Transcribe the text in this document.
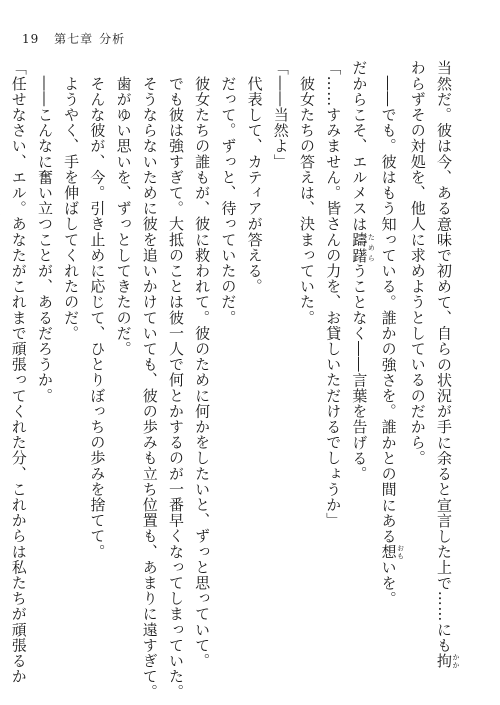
19 第七章 分析
当然だ。彼は今、ある意味で初めて、自らの状況が手に余ると宣言した上で……にも拘 かか
わらずその対処を、他人に求めようとしているのだから。
　――でも。彼はもう知っている。誰かの強さを。誰かとの間にある想 おもいを。
だからこそ、エルメスは躊躇 ためらうことなく――言葉を告げる。
「……すみません。皆さんの力を、お貸しいただけるでしょうか」
　彼女たちの答えは、決まっていた。
「――当然よ」
　代表して、カティアが答える。
　だって。ずっと、待っていたのだ。
　彼女たちの誰もが、彼に救われて。彼のために何かをしたいと、ずっと思っていて。
　でも彼は強すぎて。大抵のことは彼一人で何とかするのが一番早くなってしまっていた。
　そうならないために彼を追いかけていても、彼の歩みも立ち位置も、あまりに遠すぎて。
　歯がゆい思いを、ずっとしてきたのだ。
　そんな彼が、今。引き止めに応じて、ひとりぼっちの歩みを捨てて。
　ようやく、手を伸ばしてくれたのだ。
　――こんなに奮い立つことが、あるだろうか。
「任せなさい、エル。あなたがこれまで頑張ってくれた分、これからは私たちが頑張るか
